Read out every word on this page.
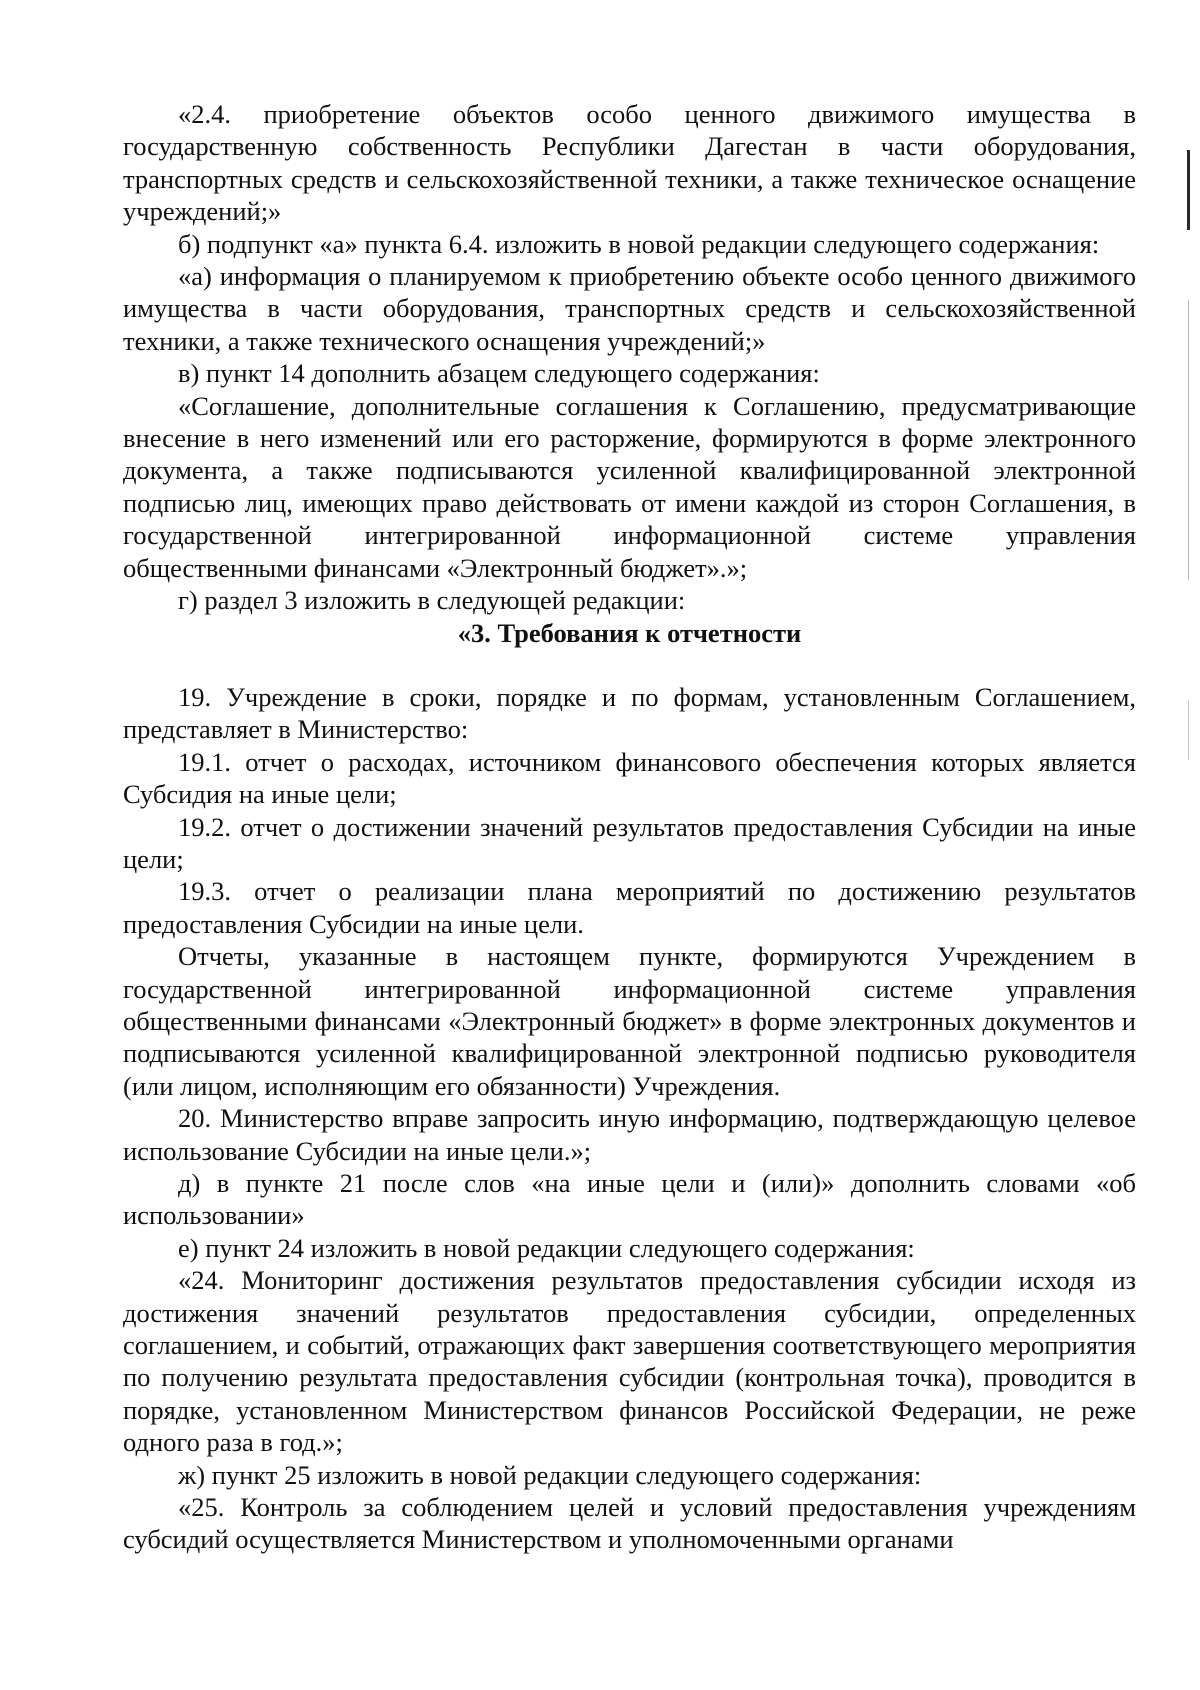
«2.4. приобретение объектов особо ценного движимого имущества в государственную собственность Республики Дагестан в части оборудования, транспортных средств и сельскохозяйственной техники, а также техническое оснащение учреждений;»

б) подпункт «а» пункта 6.4. изложить в новой редакции следующего содержания:

«а) информация о планируемом к приобретению объекте особо ценного движимого имущества в части оборудования, транспортных средств и сельскохозяйственной техники, а также технического оснащения учреждений;»

в) пункт 14 дополнить абзацем следующего содержания:

«Соглашение, дополнительные соглашения к Соглашению, предусматривающие внесение в него изменений или его расторжение, формируются в форме электронного документа, а также подписываются усиленной квалифицированной электронной подписью лиц, имеющих право действовать от имени каждой из сторон Соглашения, в государственной интегрированной информационной системе управления общественными финансами «Электронный бюджет».»;

г) раздел 3 изложить в следующей редакции:

«3. Требования к отчетности

19. Учреждение в сроки, порядке и по формам, установленным Соглашением, представляет в Министерство:

19.1. отчет о расходах, источником финансового обеспечения которых является Субсидия на иные цели;

19.2. отчет о достижении значений результатов предоставления Субсидии на иные цели;

19.3. отчет о реализации плана мероприятий по достижению результатов предоставления Субсидии на иные цели.

Отчеты, указанные в настоящем пункте, формируются Учреждением в государственной интегрированной информационной системе управления общественными финансами «Электронный бюджет» в форме электронных документов и подписываются усиленной квалифицированной электронной подписью руководителя (или лицом, исполняющим его обязанности) Учреждения.

20. Министерство вправе запросить иную информацию, подтверждающую целевое использование Субсидии на иные цели.»;

д) в пункте 21 после слов «на иные цели и (или)» дополнить словами «об использовании»

е) пункт 24 изложить в новой редакции следующего содержания:

«24. Мониторинг достижения результатов предоставления субсидии исходя из достижения значений результатов предоставления субсидии, определенных соглашением, и событий, отражающих факт завершения соответствующего мероприятия по получению результата предоставления субсидии (контрольная точка), проводится в порядке, установленном Министерством финансов Российской Федерации, не реже одного раза в год.»;

ж) пункт 25 изложить в новой редакции следующего содержания:

«25. Контроль за соблюдением целей и условий предоставления учреждениям субсидий осуществляется Министерством и уполномоченными органами
